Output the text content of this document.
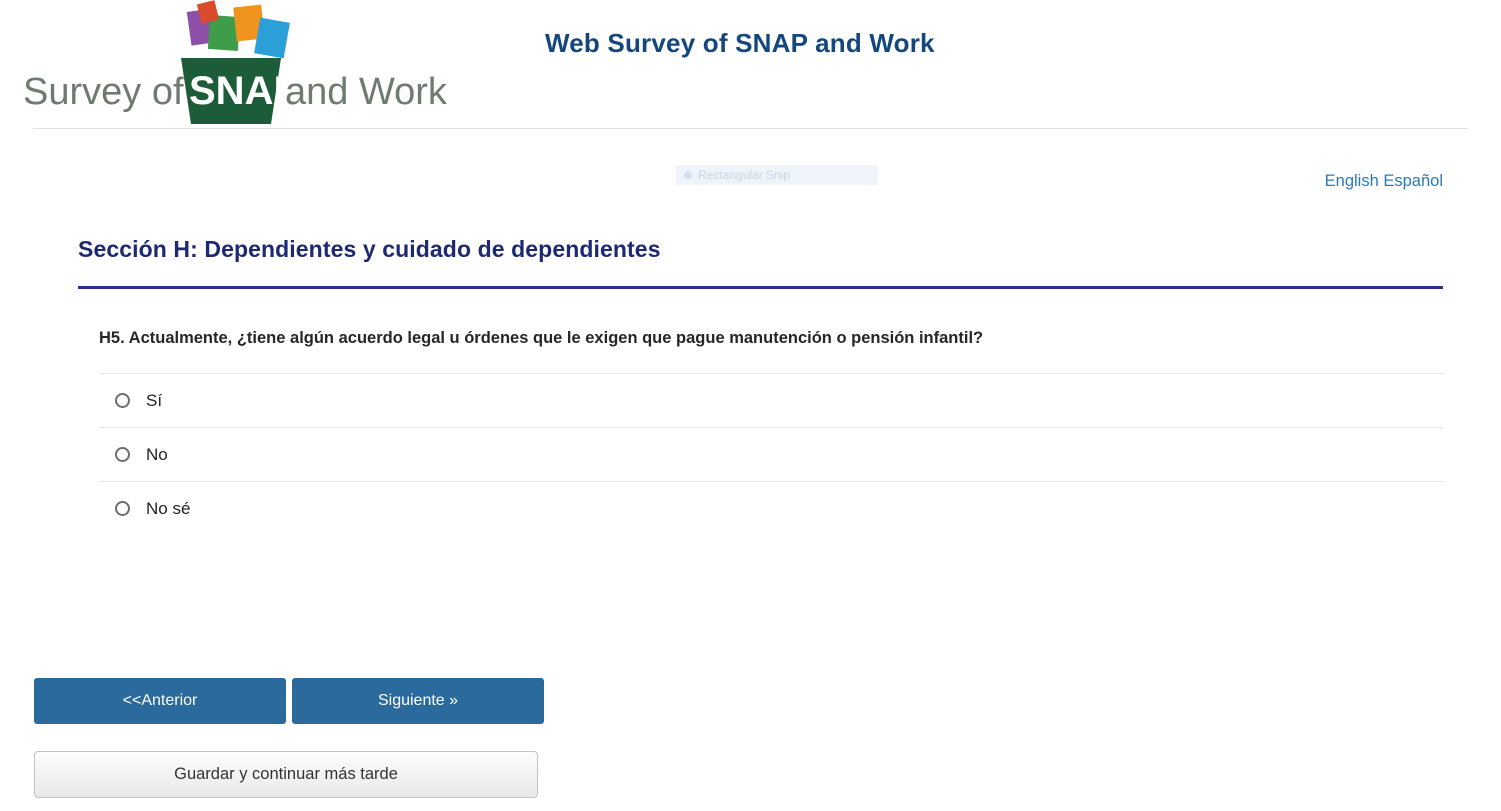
Survey of SNAP
and Work
Web Survey of SNAP and Work
Rectangular Snip	English Español
Sección H: Dependientes y cuidado de dependientes
H5. Actualmente, ¿tiene algún acuerdo legal u órdenes que le exigen que pague manutención o pensión infantil?
Sí
No
No sé
<<Anterior	Siguiente »
Guardar y continuar más tarde
